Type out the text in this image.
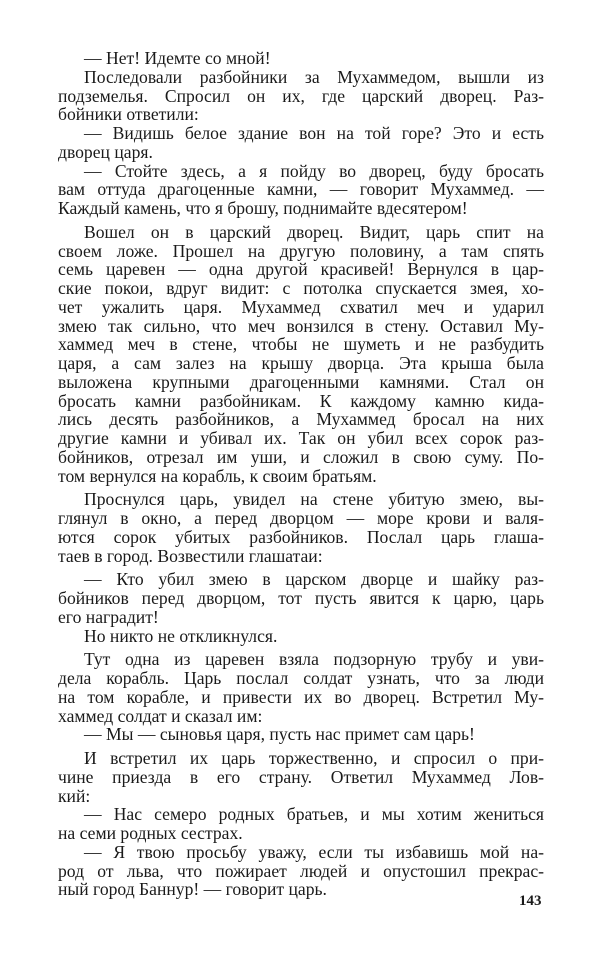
— Нет! Идемте со мной!

Последовали разбойники за Мухаммедом, вышли из
подземелья. Спросил он их, где царский дворец. Раз-
бойники ответили:

— Видишь белое здание вон на той горе? Это и есть
дворец царя.

— Стойте здесь, а я пойду во дворец, буду бросать
вам оттуда драгоценные камни, — говорит Мухаммед. —
Каждый камень, что я брошу, поднимайте вдесятером!

Вошел он в царский дворец. Видит, царь спит на
своем ложе. Прошел на другую половину, а там спять
семь царевен — одна другой красивей! Вернулся в цар-
ские покои, вдруг видит: с потолка спускается змея, хо-
чет ужалить царя. Мухаммед схватил меч и ударил
змею так сильно, что меч вонзился в стену. Оставил Му-
хаммед меч в стене, чтобы не шуметь и не разбудить
царя, а сам залез на крышу дворца. Эта крыша была
выложена крупными драгоценными камнями. Стал он
бросать камни разбойникам. К каждому камню кида-
лись десять разбойников, а Мухаммед бросал на них
другие камни и убивал их. Так он убил всех сорок раз-
бойников, отрезал им уши, и сложил в свою суму. По-
том вернулся на корабль, к своим братьям.

Проснулся царь, увидел на стене убитую змею, вы-
глянул в окно, а перед дворцом — море крови и валя-
ются сорок убитых разбойников. Послал царь глаша-
таев в город. Возвестили глашатаи:

— Кто убил змею в царском дворце и шайку раз-
бойников перед дворцом, тот пусть явится к царю, царь
его наградит!

Но никто не откликнулся.

Тут одна из царевен взяла подзорную трубу и уви-
дела корабль. Царь послал солдат узнать, что за люди
на том корабле, и привести их во дворец. Встретил Му-
хаммед солдат и сказал им:

— Мы — сыновья царя, пусть нас примет сам царь!

И встретил их царь торжественно, и спросил о при-
чине приезда в его страну. Ответил Мухаммед Лов-
кий:

— Нас семеро родных братьев, и мы хотим жениться
на семи родных сестрах.

— Я твою просьбу уважу, если ты избавишь мой на-
род от льва, что пожирает людей и опустошил прекрас-
ный город Баннур! — говорит царь.

143
